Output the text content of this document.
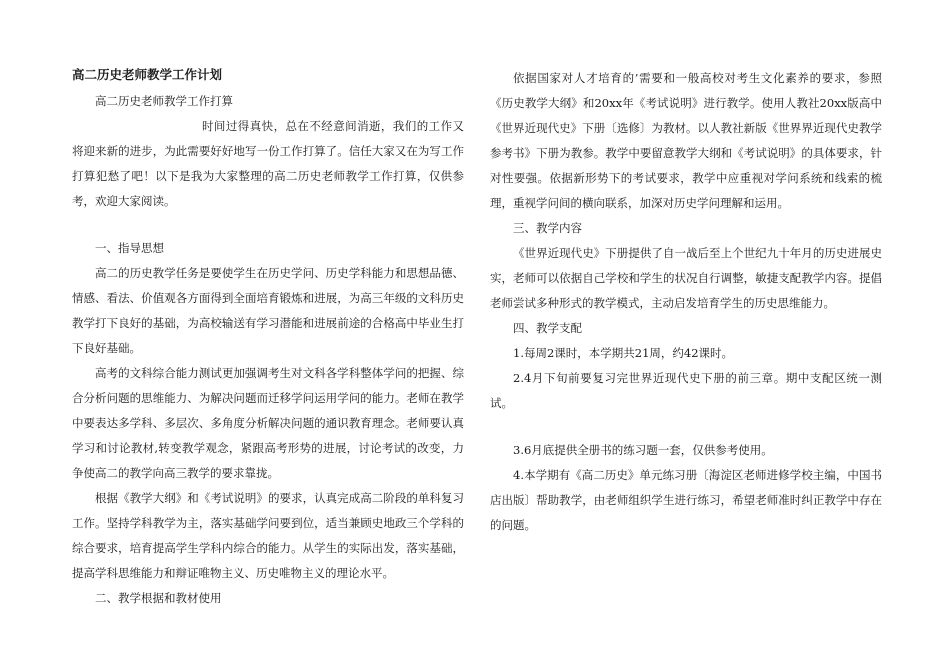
高二历史老师教学工作计划

高二历史老师教学工作打算

时间过得真快，总在不经意间消逝，我们的工作又将迎来新的进步，为此需要好好地写一份工作打算了。信任大家又在为写工作打算犯愁了吧！以下是我为大家整理的高二历史老师教学工作打算，仅供参考，欢迎大家阅读。

一、指导思想

高二的历史教学任务是要使学生在历史学问、历史学科能力和思想品德、情感、看法、价值观各方面得到全面培育锻炼和进展，为高三年级的文科历史教学打下良好的基础，为高校输送有学习潜能和进展前途的合格高中毕业生打下良好基础。

高考的文科综合能力测试更加强调考生对文科各学科整体学问的把握、综合分析问题的思维能力、为解决问题而迁移学问运用学问的能力。老师在教学中要表达多学科、多层次、多角度分析解决问题的通识教育理念。老师要认真学习和讨论教材,转变教学观念，紧跟高考形势的进展，讨论考试的改变，力争使高二的教学向高三教学的要求靠拢。

根据《教学大纲》和《考试说明》的要求，认真完成高二阶段的单科复习工作。坚持学科教学为主，落实基础学问要到位，适当兼顾史地政三个学科的综合要求，培育提高学生学科内综合的能力。从学生的实际出发，落实基础，提高学科思维能力和辩证唯物主义、历史唯物主义的理论水平。

二、教学根据和教材使用

依据国家对人才培育的’需要和一般高校对考生文化素养的要求，参照《历史教学大纲》和20xx年《考试说明》进行教学。使用人教社20xx版高中《世界近现代史》下册〔选修〕为教材。以人教社新版《世界界近现代史教学参考书》下册为教参。教学中要留意教学大纲和《考试说明》的具体要求，针对性要强。依据新形势下的考试要求，教学中应重视对学问系统和线索的梳理，重视学问间的横向联系，加深对历史学问理解和运用。

三、教学内容

《世界近现代史》下册提供了自一战后至上个世纪九十年月的历史进展史实，老师可以依据自己学校和学生的状况自行调整，敏捷支配教学内容。提倡老师尝试多种形式的教学模式，主动启发培育学生的历史思维能力。

四、教学支配

1.每周2课时，本学期共21周，约42课时。

2.4月下旬前要复习完世界近现代史下册的前三章。期中支配区统一测试。

3.6月底提供全册书的练习题一套，仅供参考使用。

4.本学期有《高二历史》单元练习册〔海淀区老师进修学校主编，中国书店出版〕帮助教学，由老师组织学生进行练习，希望老师准时纠正教学中存在的问题。
